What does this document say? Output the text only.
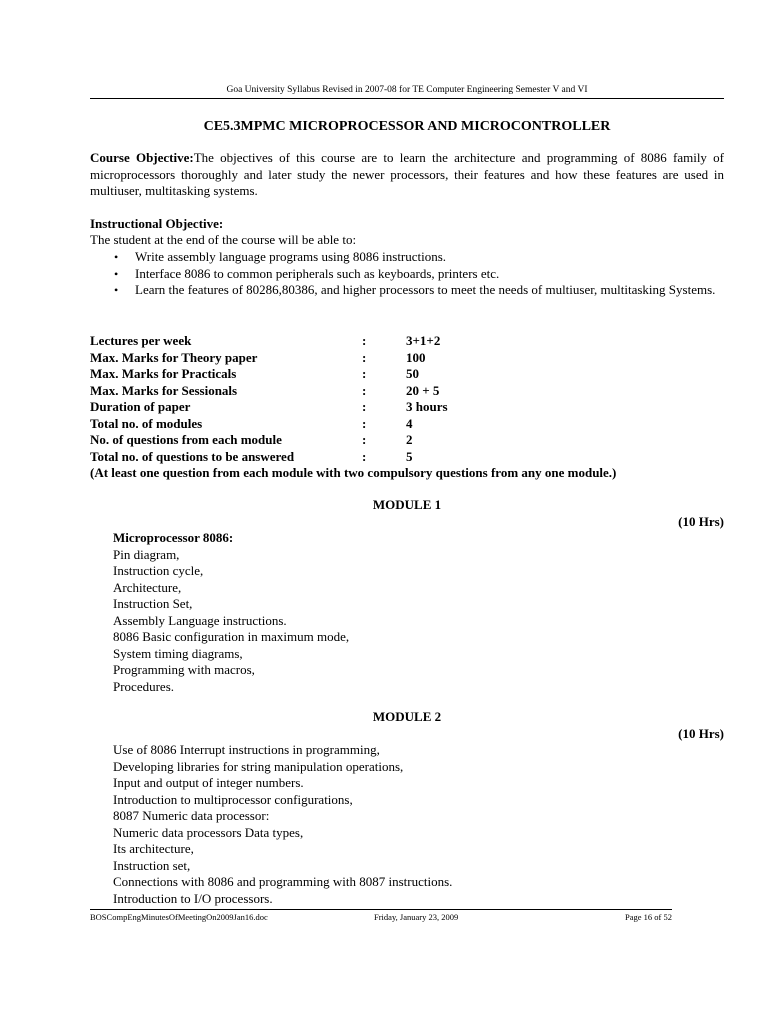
Goa University Syllabus Revised in 2007-08 for TE Computer Engineering Semester V and VI
CE5.3MPMC MICROPROCESSOR AND MICROCONTROLLER
Course Objective:The objectives of this course are to learn the architecture and programming of 8086 family of microprocessors thoroughly and later study the newer processors, their features and how these features are used in multiuser, multitasking systems.
Instructional Objective:
The student at the end of the course will be able to:
• Write assembly language programs using 8086 instructions.
• Interface 8086 to common peripherals such as keyboards, printers etc.
• Learn the features of 80286,80386, and higher processors to meet the needs of multiuser, multitasking Systems.
Lectures per week	:	3+1+2
Max. Marks for Theory paper	:	100
Max. Marks for Practicals	:	50
Max. Marks for Sessionals	:	20 + 5
Duration of paper	:	3 hours
Total no. of modules	:	4
No. of questions from each module	:	2
Total no. of questions to be answered	:	5
(At least one question from each module with two compulsory questions from any one module.)
MODULE 1
(10 Hrs)
Microprocessor 8086:
Pin diagram,
Instruction cycle,
Architecture,
Instruction Set,
Assembly Language instructions.
8086 Basic configuration in maximum mode,
System timing diagrams,
Programming with macros,
Procedures.
MODULE 2
(10 Hrs)
Use of 8086 Interrupt instructions in programming,
Developing libraries for string manipulation operations,
Input and output of integer numbers.
Introduction to multiprocessor configurations,
8087 Numeric data processor:
Numeric data processors Data types,
Its architecture,
Instruction set,
Connections with 8086 and programming with 8087 instructions.
Introduction to I/O processors.
BOSCompEngMinutesOfMeetingOn2009Jan16.doc	Friday, January 23, 2009	Page 16 of 52
